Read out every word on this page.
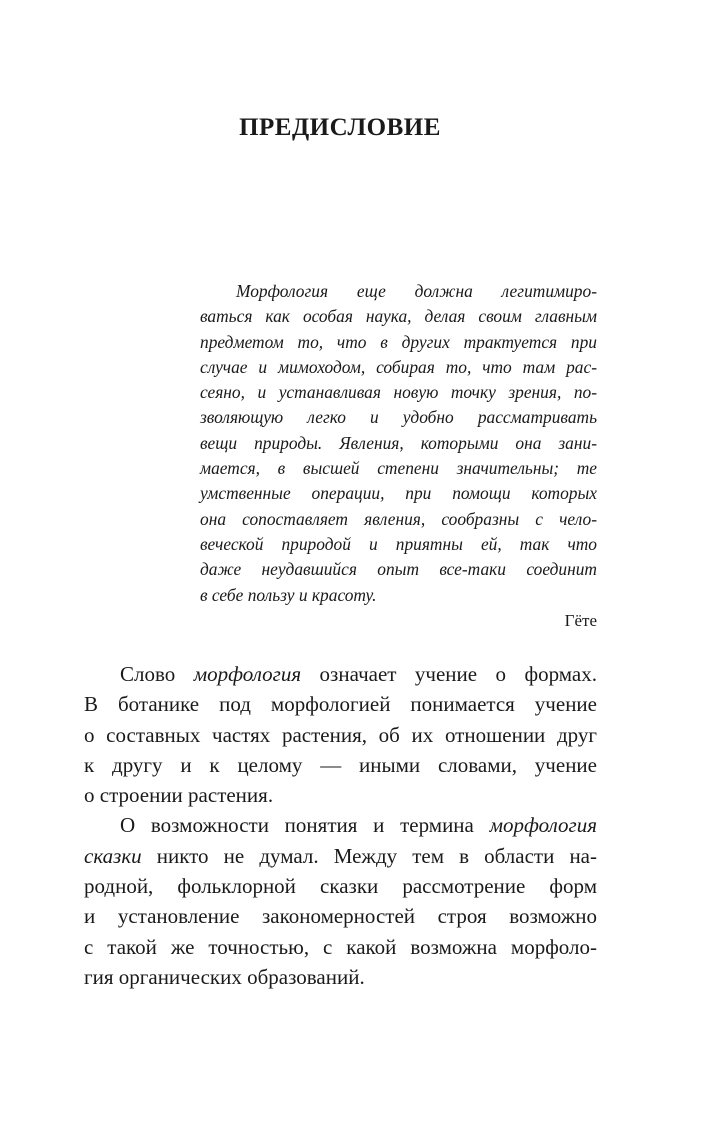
ПРЕДИСЛОВИЕ
Морфология еще должна легитимиро-
ваться как особая наука, делая своим главным
предметом то, что в других трактуется при
случае и мимоходом, собирая то, что там рас-
сеяно, и устанавливая новую точку зрения, по-
зволяющую легко и удобно рассматривать
вещи природы. Явления, которыми она зани-
мается, в высшей степени значительны; те
умственные операции, при помощи которых
она сопоставляет явления, сообразны с чело-
веческой природой и приятны ей, так что
даже неудавшийся опыт все-таки соединит
в себе пользу и красоту.
Гёте
Слово морфология означает учение о формах.
В ботанике под морфологией понимается учение
о составных частях растения, об их отношении друг
к другу и к целому — иными словами, учение
о строении растения.
О возможности понятия и термина морфология
сказки никто не думал. Между тем в области на-
родной, фольклорной сказки рассмотрение форм
и установление закономерностей строя возможно
с такой же точностью, с какой возможна морфоло-
гия органических образований.
